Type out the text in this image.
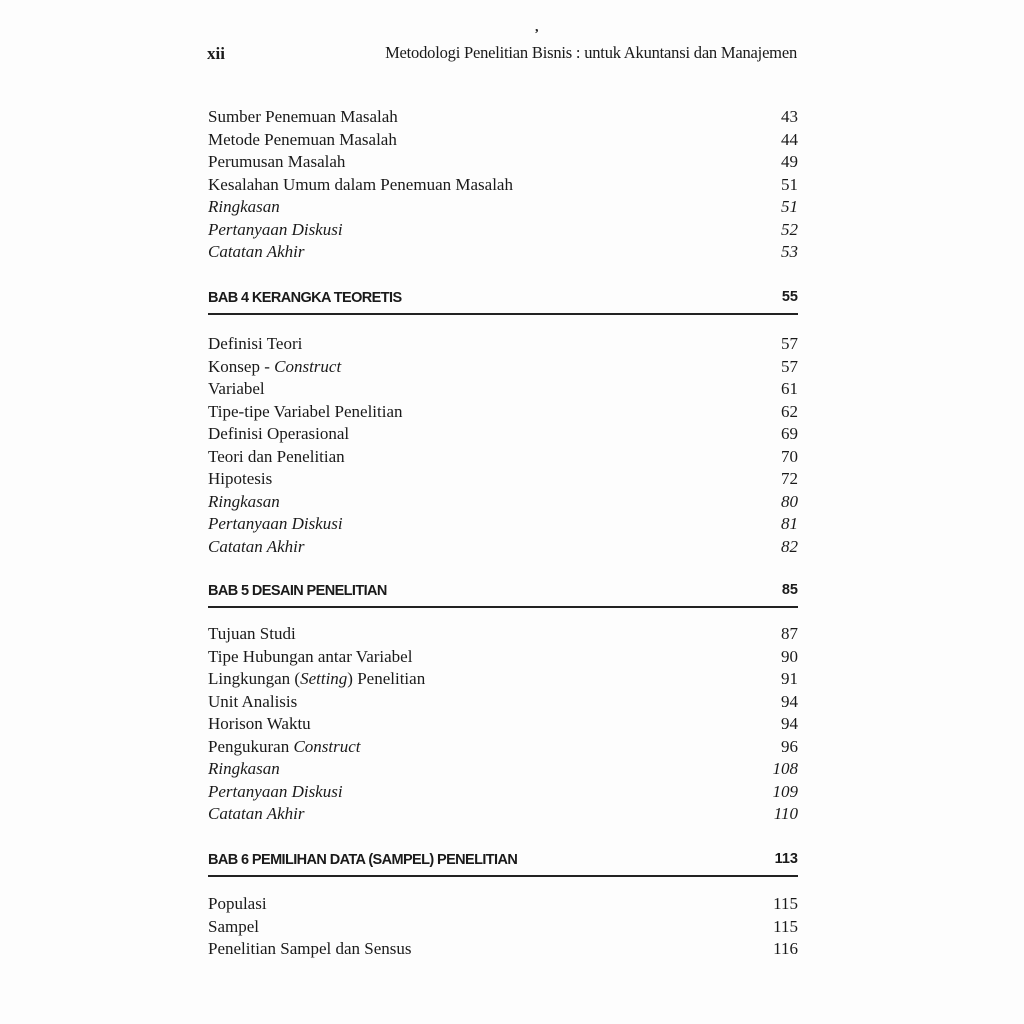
,
xii	Metodologi Penelitian Bisnis : untuk Akuntansi dan Manajemen
Sumber Penemuan Masalah	43
Metode Penemuan Masalah	44
Perumusan Masalah	49
Kesalahan Umum dalam Penemuan Masalah	51
Ringkasan	51
Pertanyaan Diskusi	52
Catatan Akhir	53
BAB 4 KERANGKA TEORETIS	55
Definisi Teori	57
Konsep - Construct	57
Variabel	61
Tipe-tipe Variabel Penelitian	62
Definisi Operasional	69
Teori dan Penelitian	70
Hipotesis	72
Ringkasan	80
Pertanyaan Diskusi	81
Catatan Akhir	82
BAB 5 DESAIN PENELITIAN	85
Tujuan Studi	87
Tipe Hubungan antar Variabel	90
Lingkungan (Setting) Penelitian	91
Unit Analisis	94
Horison Waktu	94
Pengukuran Construct	96
Ringkasan	108
Pertanyaan Diskusi	109
Catatan Akhir	110
BAB 6 PEMILIHAN DATA (SAMPEL) PENELITIAN	113
Populasi	115
Sampel	115
Penelitian Sampel dan Sensus	116
